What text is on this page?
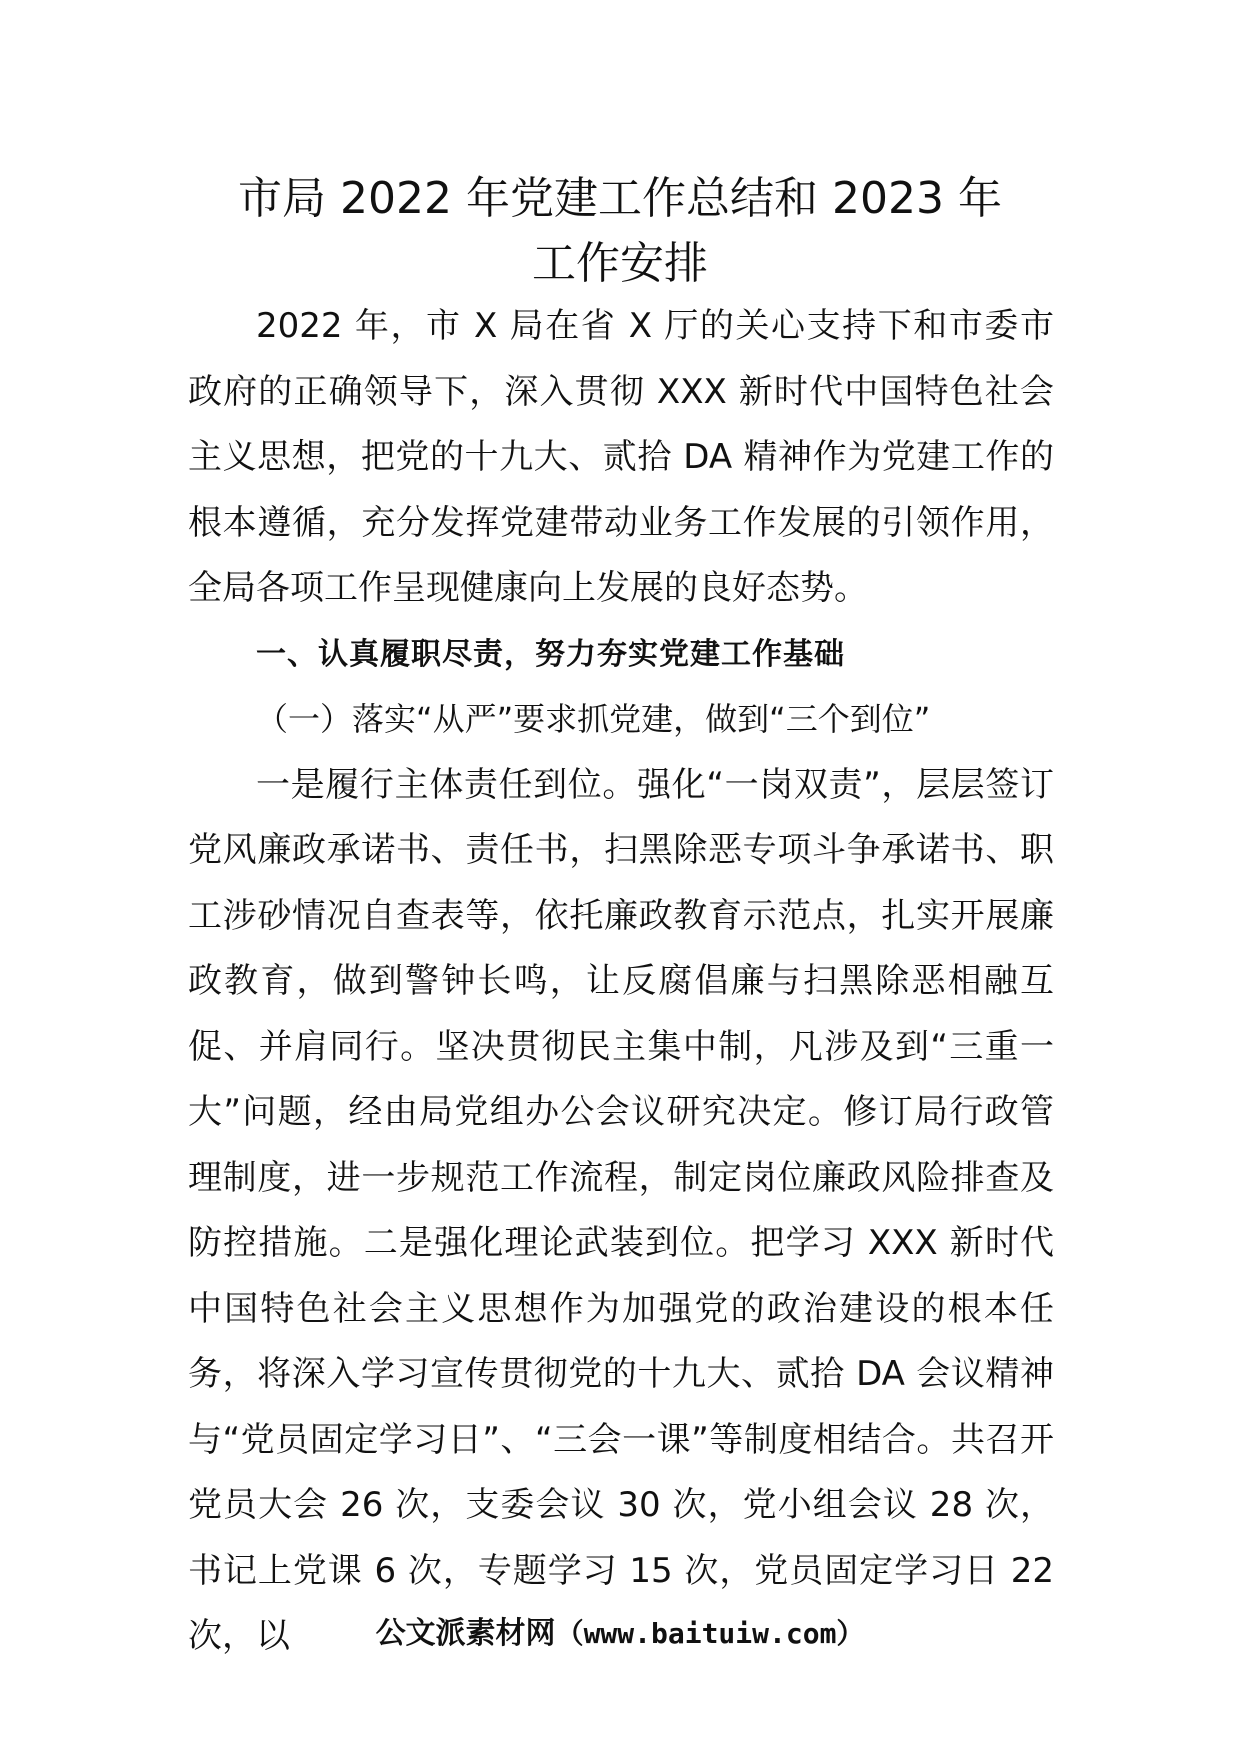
市局 2022 年党建工作总结和 2023 年
工作安排

2022 年，市 X 局在省 X 厅的关心支持下和市委市政府的正确领导下，深入贯彻 XXX 新时代中国特色社会主义思想，把党的十九大、贰拾 DA 精神作为党建工作的根本遵循，充分发挥党建带动业务工作发展的引领作用，全局各项工作呈现健康向上发展的良好态势。

一、认真履职尽责，努力夯实党建工作基础

（一）落实“从严”要求抓党建，做到“三个到位”

一是履行主体责任到位。强化“一岗双责”，层层签订党风廉政承诺书、责任书，扫黑除恶专项斗争承诺书、职工涉砂情况自查表等，依托廉政教育示范点，扎实开展廉政教育，做到警钟长鸣，让反腐倡廉与扫黑除恶相融互促、并肩同行。坚决贯彻民主集中制，凡涉及到“三重一大”问题，经由局党组办公会议研究决定。修订局行政管理制度，进一步规范工作流程，制定岗位廉政风险排查及防控措施。二是强化理论武装到位。把学习 XXX 新时代中国特色社会主义思想作为加强党的政治建设的根本任务，将深入学习宣传贯彻党的十九大、贰拾 DA 会议精神与“党员固定学习日”、“三会一课”等制度相结合。共召开党员大会 26 次，支委会议 30 次，党小组会议 28 次，书记上党课 6 次，专题学习 15 次，党员固定学习日 22 次，以	公文派素材网（www.baituiw.com）
